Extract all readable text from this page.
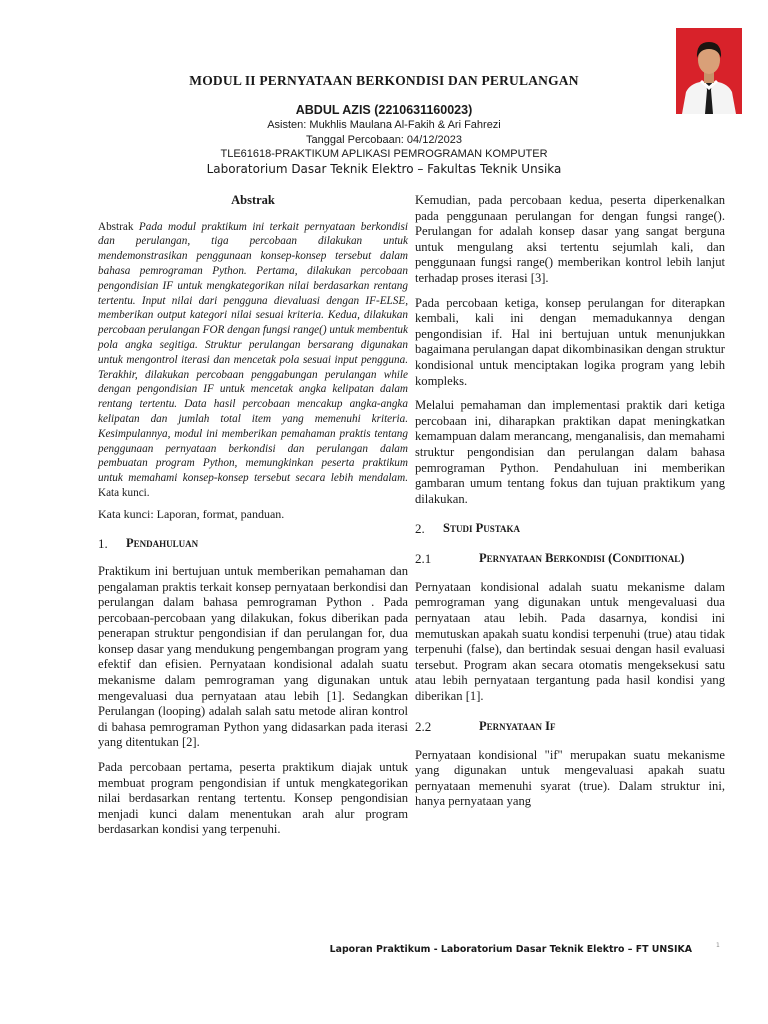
MODUL II PERNYATAAN BERKONDISI DAN PERULANGAN
ABDUL AZIS (2210631160023)
Asisten: Mukhlis Maulana Al-Fakih & Ari Fahrezi
Tanggal Percobaan: 04/12/2023
TLE61618-PRAKTIKUM APLIKASI PEMROGRAMAN KOMPUTER
Laboratorium Dasar Teknik Elektro – Fakultas Teknik Unsika
Abstrak

Abstrak Pada modul praktikum ini terkait pernyataan berkondisi dan perulangan, tiga percobaan dilakukan untuk mendemonstrasikan penggunaan konsep-konsep tersebut dalam bahasa pemrograman Python. Pertama, dilakukan percobaan pengondisian IF untuk mengkategorikan nilai berdasarkan rentang tertentu. Input nilai dari pengguna dievaluasi dengan IF-ELSE, memberikan output kategori nilai sesuai kriteria. Kedua, dilakukan percobaan perulangan FOR dengan fungsi range() untuk membentuk pola angka segitiga. Struktur perulangan bersarang digunakan untuk mengontrol iterasi dan mencetak pola sesuai input pengguna. Terakhir, dilakukan percobaan penggabungan perulangan while dengan pengondisian IF untuk mencetak angka kelipatan dalam rentang tertentu. Data hasil percobaan mencakup angka-angka kelipatan dan jumlah total item yang memenuhi kriteria. Kesimpulannya, modul ini memberikan pemahaman praktis tentang penggunaan pernyataan berkondisi dan perulangan dalam pembuatan program Python, memungkinkan peserta praktikum untuk memahami konsep-konsep tersebut secara lebih mendalam. Kata kunci.

Kata kunci: Laporan, format, panduan.

1.	Pendahuluan

Praktikum ini bertujuan untuk memberikan pemahaman dan pengalaman praktis terkait konsep pernyataan berkondisi dan perulangan dalam bahasa pemrograman Python . Pada percobaan-percobaan yang dilakukan, fokus diberikan pada penerapan struktur pengondisian if dan perulangan for, dua konsep dasar yang mendukung pengembangan program yang efektif dan efisien. Pernyataan kondisional adalah suatu mekanisme dalam pemrograman yang digunakan untuk mengevaluasi dua pernyataan atau lebih [1]. Sedangkan Perulangan (looping) adalah salah satu metode aliran kontrol di bahasa pemrograman Python yang didasarkan pada iterasi yang ditentukan [2].

Pada percobaan pertama, peserta praktikum diajak untuk membuat program pengondisian if untuk mengkategorikan nilai berdasarkan rentang tertentu. Konsep pengondisian menjadi kunci dalam menentukan arah alur program berdasarkan kondisi yang terpenuhi.

Kemudian, pada percobaan kedua, peserta diperkenalkan pada penggunaan perulangan for dengan fungsi range(). Perulangan for adalah konsep dasar yang sangat berguna untuk mengulang aksi tertentu sejumlah kali, dan penggunaan fungsi range() memberikan kontrol lebih lanjut terhadap proses iterasi [3].

Pada percobaan ketiga, konsep perulangan for diterapkan kembali, kali ini dengan memadukannya dengan pengondisian if. Hal ini bertujuan untuk menunjukkan bagaimana perulangan dapat dikombinasikan dengan struktur kondisional untuk menciptakan logika program yang lebih kompleks.

Melalui pemahaman dan implementasi praktik dari ketiga percobaan ini, diharapkan praktikan dapat meningkatkan kemampuan dalam merancang, menganalisis, dan memahami struktur pengondisian dan perulangan dalam bahasa pemrograman Python. Pendahuluan ini memberikan gambaran umum tentang fokus dan tujuan praktikum yang dilakukan.

2.	Studi Pustaka
2.1	Pernyataan Berkondisi (Conditional)

Pernyataan kondisional adalah suatu mekanisme dalam pemrograman yang digunakan untuk mengevaluasi dua pernyataan atau lebih. Pada dasarnya, kondisi ini memutuskan apakah suatu kondisi terpenuhi (true) atau tidak terpenuhi (false), dan bertindak sesuai dengan hasil evaluasi tersebut. Program akan secara otomatis mengeksekusi satu atau lebih pernyataan tergantung pada hasil kondisi yang diberikan [1].

2.2	Pernyataan If

Pernyataan kondisional "if" merupakan suatu mekanisme yang digunakan untuk mengevaluasi apakah suatu pernyataan memenuhi syarat (true). Dalam struktur ini, hanya pernyataan yang

Laporan Praktikum - Laboratorium Dasar Teknik Elektro – FT UNSIKA	1
